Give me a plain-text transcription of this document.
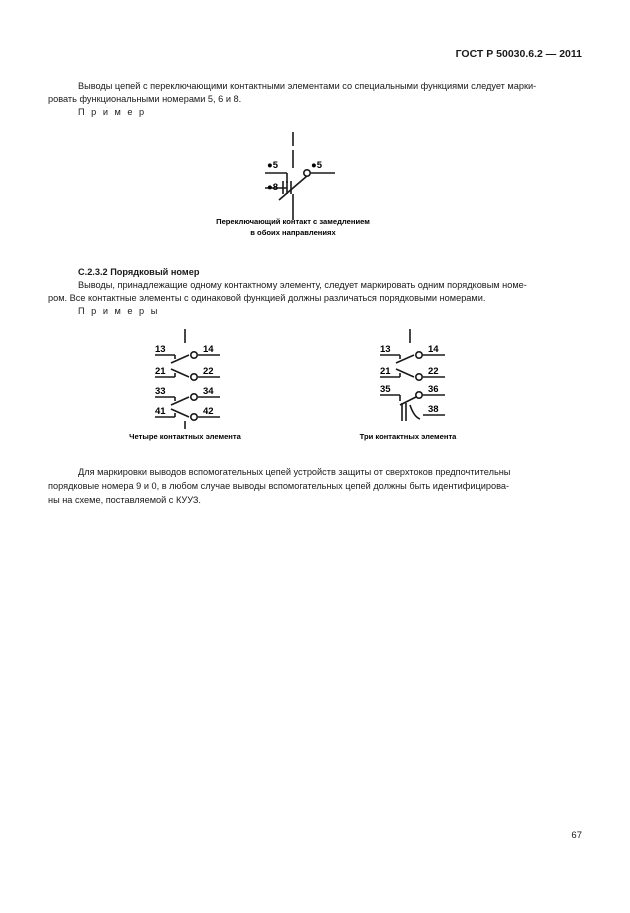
ГОСТ Р 50030.6.2 — 2011
Выводы цепей с переключающими контактными элементами со специальными функциями следует марки-
ровать функциональными номерами 5, 6 и 8.
П р и м е р
●5	●5
●8
Переключающий контакт с замедлением
в обоих направлениях
С.2.3.2 Порядковый номер
Выводы, принадлежащие одному контактному элементу, следует маркировать одним порядковым номе-
ром. Все контактные элементы с одинаковой функцией должны различаться порядковыми номерами.
П р и м е р ы
13
21
33
41
14
22
34
42
Четыре контактных элемента
13
21
35
14
22
36
38
Три контактных элемента
Для маркировки выводов вспомогательных цепей устройств защиты от сверхтоков предпочтительны
порядковые номера 9 и 0, в любом случае выводы вспомогательных цепей должны быть идентифицирова-
ны на схеме, поставляемой с КУУЗ.
67
